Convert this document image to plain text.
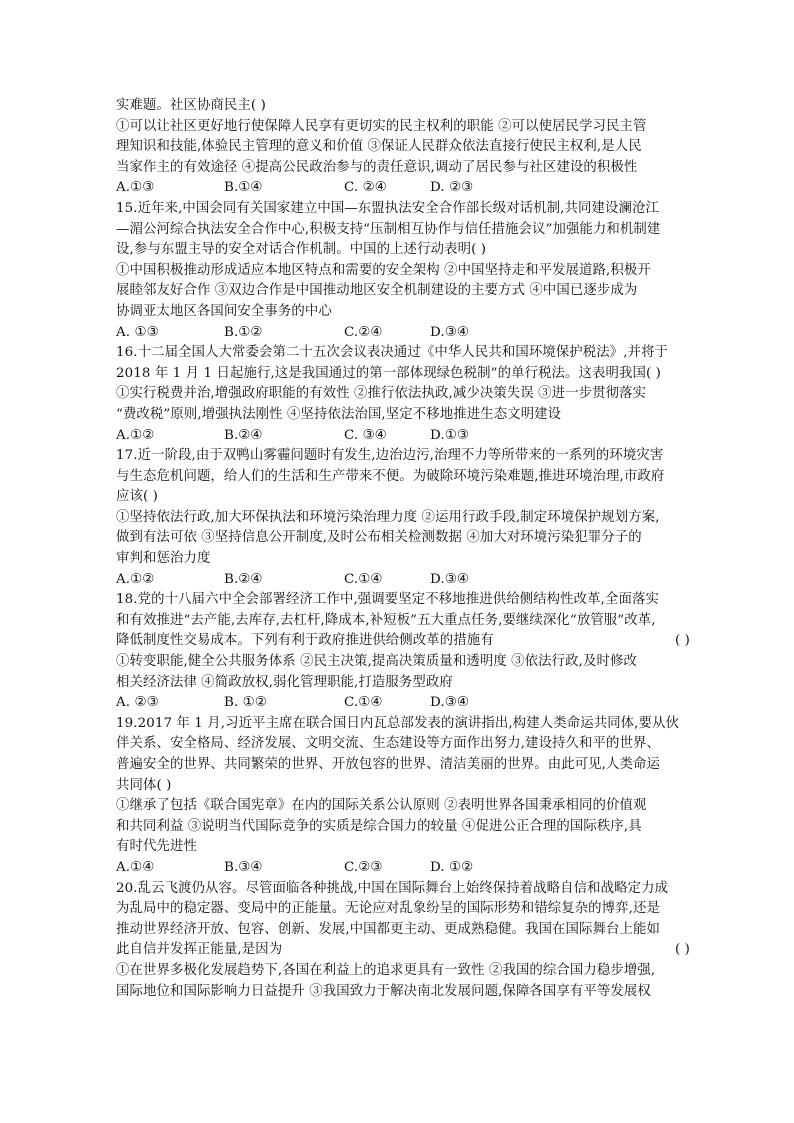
实难题。社区协商民主( )
①可以让社区更好地行使保障人民享有更切实的民主权利的职能 ②可以使居民学习民主管
理知识和技能,体验民主管理的意义和价值 ③保证人民群众依法直接行使民主权利,是人民
当家作主的有效途径 ④提高公民政治参与的责任意识,调动了居民参与社区建设的积极性
A.①③	B.①④	C. ②④	D. ②③
15.近年来,中国会同有关国家建立中国—东盟执法安全合作部长级对话机制,共同建设澜沧江
—湄公河综合执法安全合作中心,积极支持“压制相互协作与信任措施会议”加强能力和机制建
设,参与东盟主导的安全对话合作机制。中国的上述行动表明( )
①中国积极推动形成适应本地区特点和需要的安全架构 ②中国坚持走和平发展道路,积极开
展睦邻友好合作 ③双边合作是中国推动地区安全机制建设的主要方式 ④中国已逐步成为
协调亚太地区各国间安全事务的中心
A. ①③	B.①②	C.②④	D.③④
16.十二届全国人大常委会第二十五次会议表决通过《中华人民共和国环境保护税法》,并将于
2018 年 1 月 1 日起施行,这是我国通过的第一部体现绿色税制”的单行税法。这表明我国( )
①实行税费并治,增强政府职能的有效性 ②推行依法执政,减少决策失误 ③进一步贯彻落实
“费改税”原则,增强执法刚性 ④坚持依法治国,坚定不移地推进生态文明建设
A.①②	B.②④	C. ③④	D.①③
17.近一阶段,由于双鸭山雾霾问题时有发生,边治边污,治理不力等所带来的一系列的环境灾害
与生态危机问题，给人们的生活和生产带来不便。为破除环境污染难题,推进环境治理,市政府
应该( )
①坚持依法行政,加大环保执法和环境污染治理力度 ②运用行政手段,制定环境保护规划方案,
做到有法可依 ③坚持信息公开制度,及时公布相关检测数据 ④加大对环境污染犯罪分子的
审判和惩治力度
A.①②	B.②④	C.①④	D.③④
18.党的十八届六中全会部署经济工作中,强调要坚定不移地推进供给侧结构性改革,全面落实
和有效推进“去产能,去库存,去杠杆,降成本,补短板”五大重点任务,要继续深化“放管服”改革,
降低制度性交易成本。下列有利于政府推进供给侧改革的措施有	( )
①转变职能,健全公共服务体系 ②民主决策,提高决策质量和透明度 ③依法行政,及时修改
相关经济法律 ④简政放权,弱化管理职能,打造服务型政府
A. ②③	B. ①②	C.①④	D.③④
19.2017 年 1 月,习近平主席在联合国日内瓦总部发表的演讲指出,构建人类命运共同体,要从伙
伴关系、安全格局、经济发展、文明交流、生态建设等方面作出努力,建设持久和平的世界、
普遍安全的世界、共同繁荣的世界、开放包容的世界、清洁美丽的世界。由此可见,人类命运
共同体( )
①继承了包括《联合国宪章》在内的国际关系公认原则 ②表明世界各国秉承相同的价值观
和共同利益 ③说明当代国际竞争的实质是综合国力的较量 ④促进公正合理的国际秩序,具
有时代先进性
A.①④	B.③④	C.②③	D. ①②
20.乱云飞渡仍从容。尽管面临各种挑战,中国在国际舞台上始终保持着战略自信和战略定力成
为乱局中的稳定器、变局中的正能量。无论应对乱象纷呈的国际形势和错综复杂的博弈,还是
推动世界经济开放、包容、创新、发展,中国都更主动、更成熟稳健。我国在国际舞台上能如
此自信并发挥正能量,是因为	( )
①在世界多极化发展趋势下,各国在利益上的追求更具有一致性 ②我国的综合国力稳步增强,
国际地位和国际影响力日益提升 ③我国致力于解决南北发展问题,保障各国享有平等发展权
